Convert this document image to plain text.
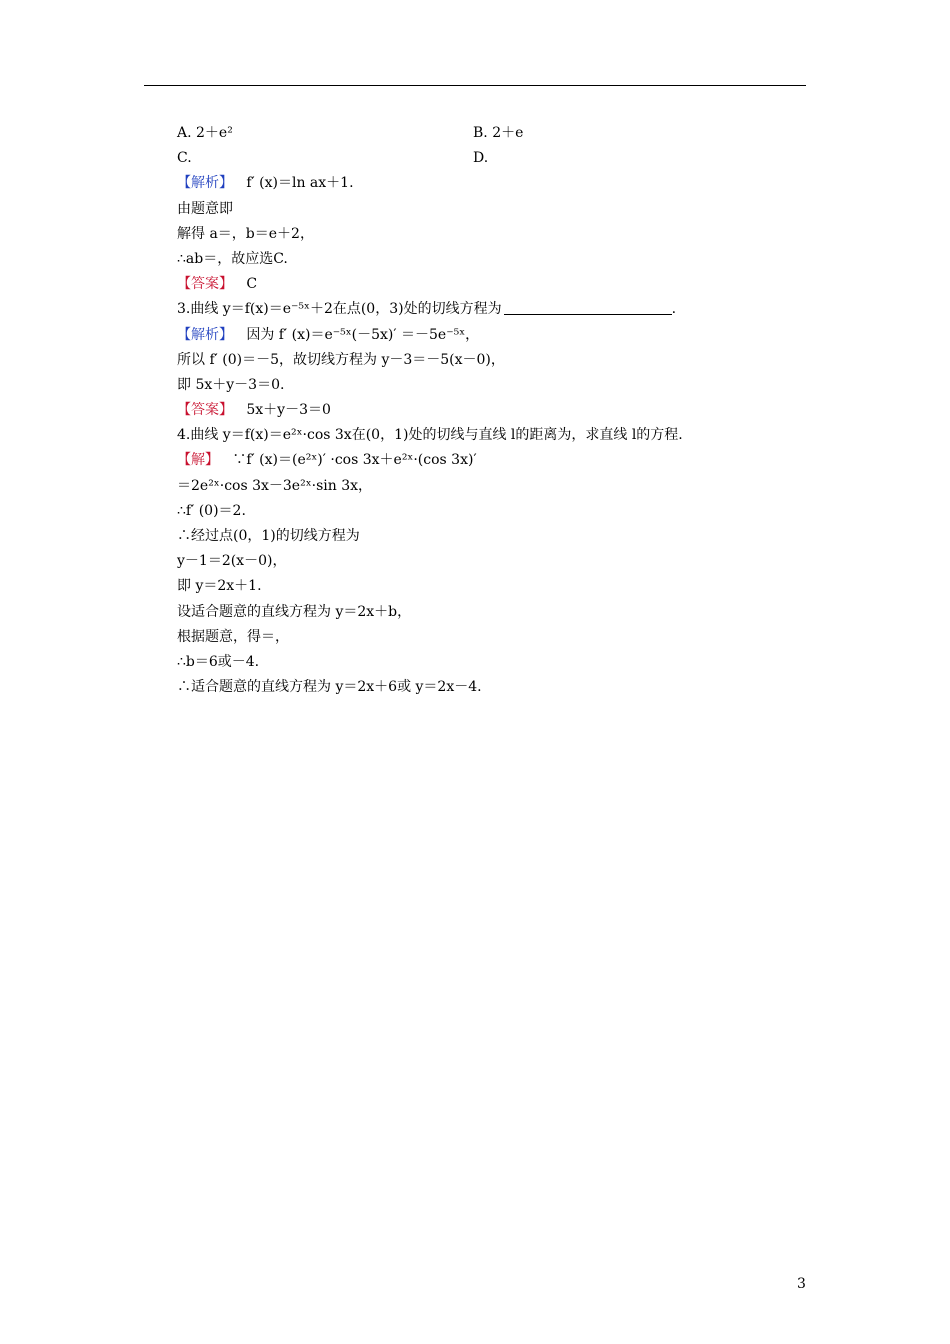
A. 2＋e²	B. 2＋e
C.	D.
【解析】 f′ (x)＝ln ax＋1.
由题意即
解得 a＝，b＝e＋2，
∴ab＝，故应选C.
【答案】 C
3.曲线 y＝f(x)＝e⁻⁵ˣ＋2在点(0，3)处的切线方程为	.
【解析】 因为 f′ (x)＝e⁻⁵ˣ(－5x)′ ＝－5e⁻⁵ˣ，
所以 f′ (0)＝－5，故切线方程为 y－3＝－5(x－0)，
即 5x＋y－3＝0.
【答案】 5x＋y－3＝0
4.曲线 y＝f(x)＝e²ˣ·cos 3x在(0，1)处的切线与直线 l的距离为，求直线 l的方程.
【解】 ∵f′ (x)＝(e²ˣ)′ ·cos 3x＋e²ˣ·(cos 3x)′
＝2e²ˣ·cos 3x－3e²ˣ·sin 3x，
∴f′ (0)＝2.
∴经过点(0，1)的切线方程为
y－1＝2(x－0)，
即 y＝2x＋1.
设适合题意的直线方程为 y＝2x＋b，
根据题意，得＝，
∴b＝6或－4.
∴适合题意的直线方程为 y＝2x＋6或 y＝2x－4.
3
